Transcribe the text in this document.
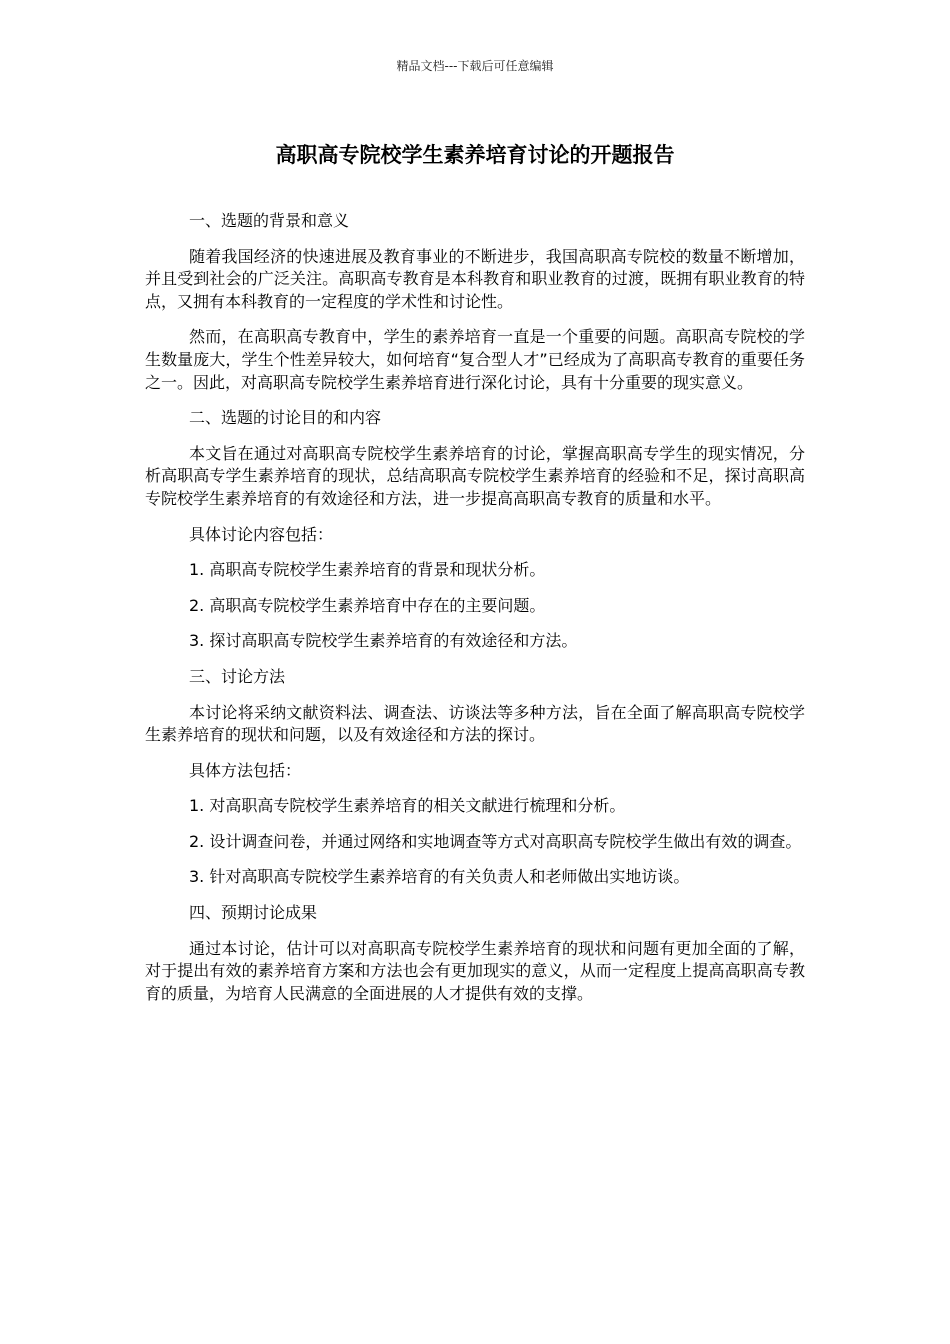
精品文档---下载后可任意编辑
高职高专院校学生素养培育讨论的开题报告

一、选题的背景和意义

随着我国经济的快速进展及教育事业的不断进步，我国高职高专院校的数量不断增加，并且受到社会的广泛关注。高职高专教育是本科教育和职业教育的过渡，既拥有职业教育的特点，又拥有本科教育的一定程度的学术性和讨论性。

然而，在高职高专教育中，学生的素养培育一直是一个重要的问题。高职高专院校的学生数量庞大，学生个性差异较大，如何培育“复合型人才”已经成为了高职高专教育的重要任务之一。因此，对高职高专院校学生素养培育进行深化讨论，具有十分重要的现实意义。

二、选题的讨论目的和内容

本文旨在通过对高职高专院校学生素养培育的讨论，掌握高职高专学生的现实情况，分析高职高专学生素养培育的现状，总结高职高专院校学生素养培育的经验和不足，探讨高职高专院校学生素养培育的有效途径和方法，进一步提高高职高专教育的质量和水平。

具体讨论内容包括：

1. 高职高专院校学生素养培育的背景和现状分析。

2. 高职高专院校学生素养培育中存在的主要问题。

3. 探讨高职高专院校学生素养培育的有效途径和方法。

三、讨论方法

本讨论将采纳文献资料法、调查法、访谈法等多种方法，旨在全面了解高职高专院校学生素养培育的现状和问题，以及有效途径和方法的探讨。

具体方法包括：

1. 对高职高专院校学生素养培育的相关文献进行梳理和分析。

2. 设计调查问卷，并通过网络和实地调查等方式对高职高专院校学生做出有效的调查。

3. 针对高职高专院校学生素养培育的有关负责人和老师做出实地访谈。

四、预期讨论成果

通过本讨论，估计可以对高职高专院校学生素养培育的现状和问题有更加全面的了解，对于提出有效的素养培育方案和方法也会有更加现实的意义，从而一定程度上提高高职高专教育的质量，为培育人民满意的全面进展的人才提供有效的支撑。
